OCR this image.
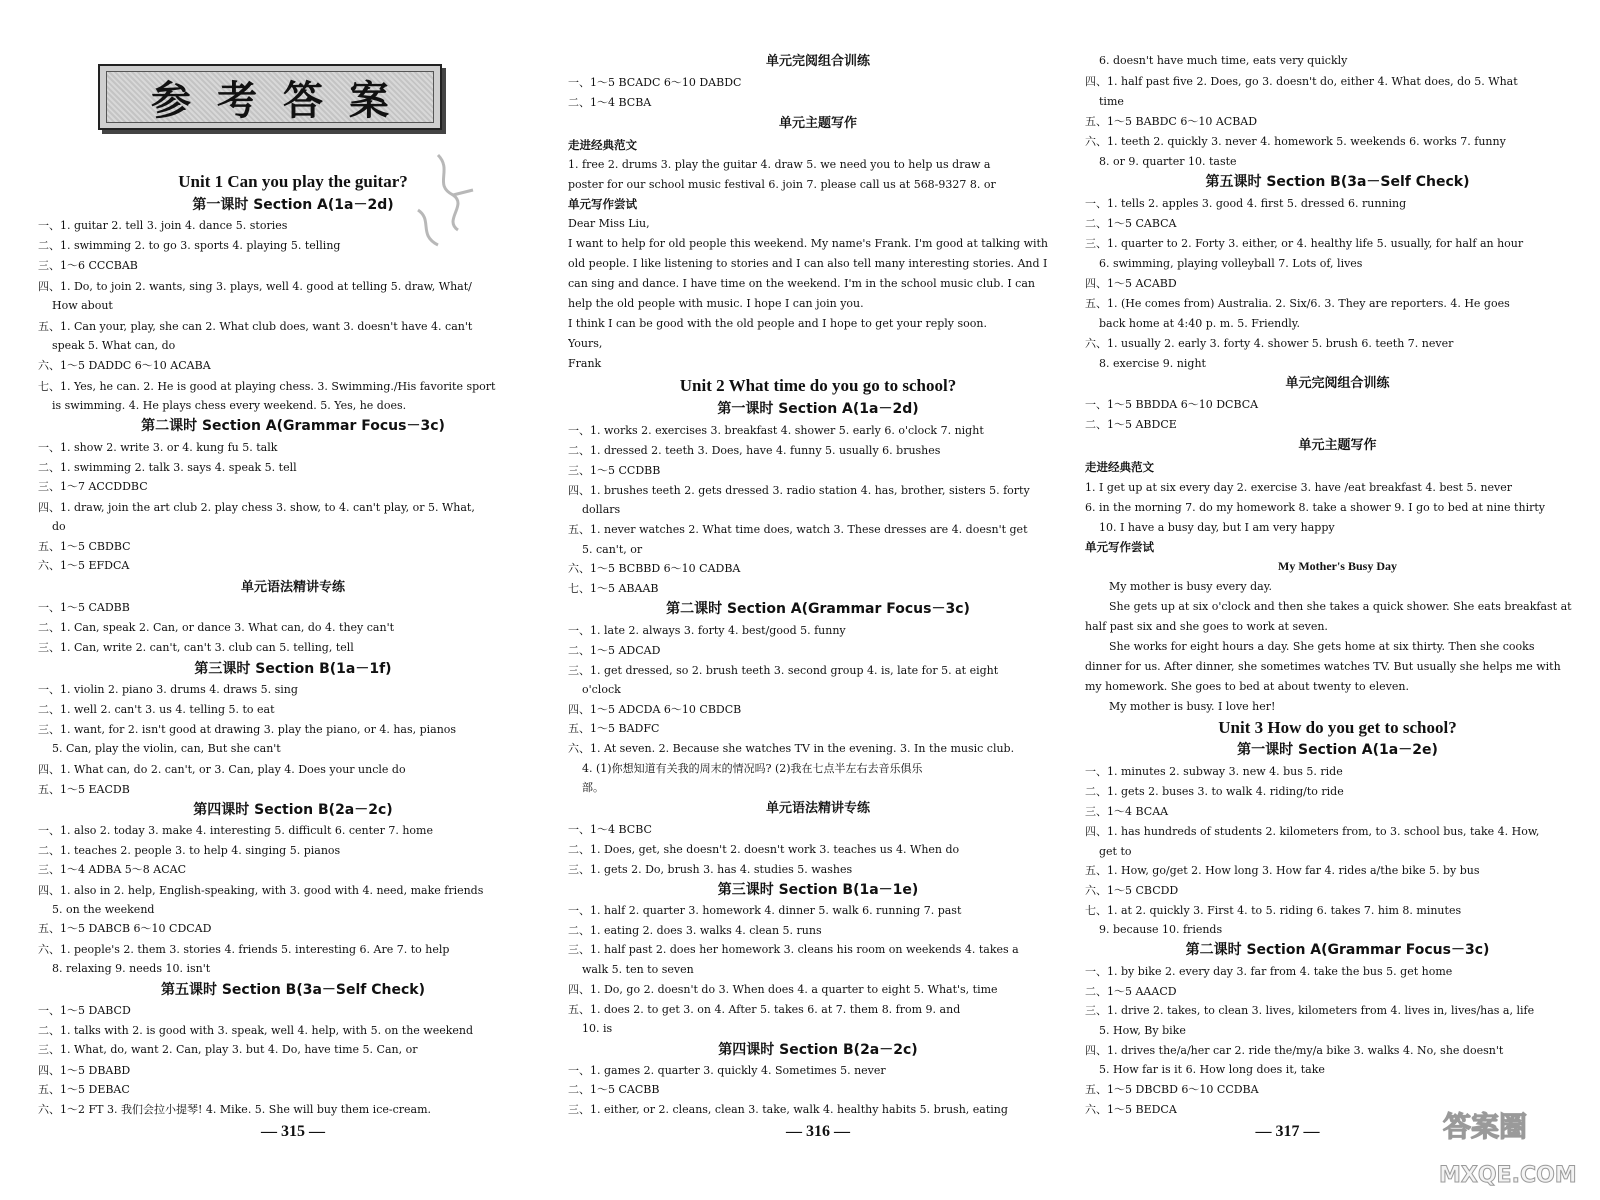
参考答案
Unit 1 Can you play the guitar?
第一课时 Section A(1a－2d)
一、1. guitar 2. tell 3. join 4. dance 5. stories
二、1. swimming 2. to go 3. sports 4. playing 5. telling
三、1～6 CCCBAB
四、1. Do, to join 2. wants, sing 3. plays, well 4. good at telling 5. draw, What/
How about
五、1. Can your, play, she can 2. What club does, want 3. doesn't have 4. can't
speak 5. What can, do
六、1～5 DADDC 6～10 ACABA
七、1. Yes, he can. 2. He is good at playing chess. 3. Swimming./His favorite sport
is swimming. 4. He plays chess every weekend. 5. Yes, he does.
第二课时 Section A(Grammar Focus－3c)
一、1. show 2. write 3. or 4. kung fu 5. talk
二、1. swimming 2. talk 3. says 4. speak 5. tell
三、1～7 ACCDDBC
四、1. draw, join the art club 2. play chess 3. show, to 4. can't play, or 5. What,
do
五、1～5 CBDBC
六、1～5 EFDCA
单元语法精讲专练
一、1～5 CADBB
二、1. Can, speak 2. Can, or dance 3. What can, do 4. they can't
三、1. Can, write 2. can't, can't 3. club can 5. telling, tell
第三课时 Section B(1a－1f)
一、1. violin 2. piano 3. drums 4. draws 5. sing
二、1. well 2. can't 3. us 4. telling 5. to eat
三、1. want, for 2. isn't good at drawing 3. play the piano, or 4. has, pianos
5. Can, play the violin, can, But she can't
四、1. What can, do 2. can't, or 3. Can, play 4. Does your uncle do
五、1～5 EACDB
第四课时 Section B(2a－2c)
一、1. also 2. today 3. make 4. interesting 5. difficult 6. center 7. home
二、1. teaches 2. people 3. to help 4. singing 5. pianos
三、1～4 ADBA 5～8 ACAC
四、1. also in 2. help, English-speaking, with 3. good with 4. need, make friends
5. on the weekend
五、1～5 DABCB 6～10 CDCAD
六、1. people's 2. them 3. stories 4. friends 5. interesting 6. Are 7. to help
8. relaxing 9. needs 10. isn't
第五课时 Section B(3a－Self Check)
一、1～5 DABCD
二、1. talks with 2. is good with 3. speak, well 4. help, with 5. on the weekend
三、1. What, do, want 2. Can, play 3. but 4. Do, have time 5. Can, or
四、1～5 DBABD
五、1～5 DEBAC
六、1～2 FT 3. 我们会拉小提琴! 4. Mike. 5. She will buy them ice-cream.
— 315 —
单元完阅组合训练
一、1～5 BCADC 6～10 DABDC
二、1～4 BCBA
单元主题写作
走进经典范文
1. free 2. drums 3. play the guitar 4. draw 5. we need you to help us draw a
poster for our school music festival 6. join 7. please call us at 568-9327 8. or
单元写作尝试
Dear Miss Liu,
I want to help for old people this weekend. My name's Frank. I'm good at talking with
old people. I like listening to stories and I can also tell many interesting stories. And I
can sing and dance. I have time on the weekend. I'm in the school music club. I can
help the old people with music. I hope I can join you.
I think I can be good with the old people and I hope to get your reply soon.
Yours,
Frank
Unit 2 What time do you go to school?
第一课时 Section A(1a－2d)
一、1. works 2. exercises 3. breakfast 4. shower 5. early 6. o'clock 7. night
二、1. dressed 2. teeth 3. Does, have 4. funny 5. usually 6. brushes
三、1～5 CCDBB
四、1. brushes teeth 2. gets dressed 3. radio station 4. has, brother, sisters 5. forty
dollars
五、1. never watches 2. What time does, watch 3. These dresses are 4. doesn't get
5. can't, or
六、1～5 BCBBD 6～10 CADBA
七、1～5 ABAAB
第二课时 Section A(Grammar Focus－3c)
一、1. late 2. always 3. forty 4. best/good 5. funny
二、1～5 ADCAD
三、1. get dressed, so 2. brush teeth 3. second group 4. is, late for 5. at eight
o'clock
四、1～5 ADCDA 6～10 CBDCB
五、1～5 BADFC
六、1. At seven. 2. Because she watches TV in the evening. 3. In the music club.
4. (1)你想知道有关我的周末的情况吗? (2)我在七点半左右去音乐俱乐
部。
单元语法精讲专练
一、1～4 BCBC
二、1. Does, get, she doesn't 2. doesn't work 3. teaches us 4. When do
三、1. gets 2. Do, brush 3. has 4. studies 5. washes
第三课时 Section B(1a－1e)
一、1. half 2. quarter 3. homework 4. dinner 5. walk 6. running 7. past
二、1. eating 2. does 3. walks 4. clean 5. runs
三、1. half past 2. does her homework 3. cleans his room on weekends 4. takes a
walk 5. ten to seven
四、1. Do, go 2. doesn't do 3. When does 4. a quarter to eight 5. What's, time
五、1. does 2. to get 3. on 4. After 5. takes 6. at 7. them 8. from 9. and
10. is
第四课时 Section B(2a－2c)
一、1. games 2. quarter 3. quickly 4. Sometimes 5. never
二、1～5 CACBB
三、1. either, or 2. cleans, clean 3. take, walk 4. healthy habits 5. brush, eating
— 316 —
6. doesn't have much time, eats very quickly
四、1. half past five 2. Does, go 3. doesn't do, either 4. What does, do 5. What
time
五、1～5 BABDC 6～10 ACBAD
六、1. teeth 2. quickly 3. never 4. homework 5. weekends 6. works 7. funny
8. or 9. quarter 10. taste
第五课时 Section B(3a－Self Check)
一、1. tells 2. apples 3. good 4. first 5. dressed 6. running
二、1～5 CABCA
三、1. quarter to 2. Forty 3. either, or 4. healthy life 5. usually, for half an hour
6. swimming, playing volleyball 7. Lots of, lives
四、1～5 ACABD
五、1. (He comes from) Australia. 2. Six/6. 3. They are reporters. 4. He goes
back home at 4:40 p. m. 5. Friendly.
六、1. usually 2. early 3. forty 4. shower 5. brush 6. teeth 7. never
8. exercise 9. night
单元完阅组合训练
一、1～5 BBDDA 6～10 DCBCA
二、1～5 ABDCE
单元主题写作
走进经典范文
1. I get up at six every day 2. exercise 3. have /eat breakfast 4. best 5. never
6. in the morning 7. do my homework 8. take a shower 9. I go to bed at nine thirty
10. I have a busy day, but I am very happy
单元写作尝试
My Mother's Busy Day
My mother is busy every day.
She gets up at six o'clock and then she takes a quick shower. She eats breakfast at
half past six and she goes to work at seven.
She works for eight hours a day. She gets home at six thirty. Then she cooks
dinner for us. After dinner, she sometimes watches TV. But usually she helps me with
my homework. She goes to bed at about twenty to eleven.
My mother is busy. I love her!
Unit 3 How do you get to school?
第一课时 Section A(1a－2e)
一、1. minutes 2. subway 3. new 4. bus 5. ride
二、1. gets 2. buses 3. to walk 4. riding/to ride
三、1～4 BCAA
四、1. has hundreds of students 2. kilometers from, to 3. school bus, take 4. How,
get to
五、1. How, go/get 2. How long 3. How far 4. rides a/the bike 5. by bus
六、1～5 CBCDD
七、1. at 2. quickly 3. First 4. to 5. riding 6. takes 7. him 8. minutes
9. because 10. friends
第二课时 Section A(Grammar Focus－3c)
一、1. by bike 2. every day 3. far from 4. take the bus 5. get home
二、1～5 AAACD
三、1. drive 2. takes, to clean 3. lives, kilometers from 4. lives in, lives/has a, life
5. How, By bike
四、1. drives the/a/her car 2. ride the/my/a bike 3. walks 4. No, she doesn't
5. How far is it 6. How long does it, take
五、1～5 DBCBD 6～10 CCDBA
六、1～5 BEDCA
— 317 —	答案圈
MXQE.COM
